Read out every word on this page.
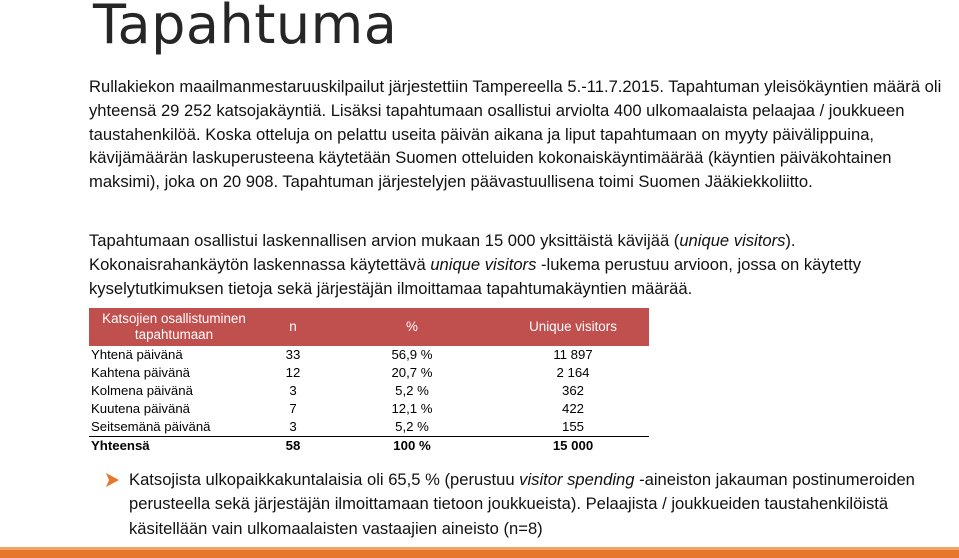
Tapahtuma

Rullakiekon maailmanmestaruuskilpailut järjestettiin Tampereella 5.-11.7.2015. Tapahtuman yleisökäyntien määrä oli yhteensä 29 252 katsojakäyntiä. Lisäksi tapahtumaan osallistui arviolta 400 ulkomaalaista pelaajaa / joukkueen taustahenkilöä. Koska otteluja on pelattu useita päivän aikana ja liput tapahtumaan on myyty päivälippuina, kävijämäärän laskuperusteena käytetään Suomen otteluiden kokonaiskäyntimäärää (käyntien päiväkohtainen maksimi), joka on 20 908. Tapahtuman järjestelyjen päävastuullisena toimi Suomen Jääkiekkoliitto.

Tapahtumaan osallistui laskennallisen arvion mukaan 15 000 yksittäistä kävijää (unique visitors). Kokonaisrahankäytön laskennassa käytettävä unique visitors -lukema perustuu arvioon, jossa on käytetty kyselytutkimuksen tietoja sekä järjestäjän ilmoittamaa tapahtumakäyntien määrää.

Katsojien osallistuminen tapahtumaan	n	%	Unique visitors
Yhtenä päivänä	33	56,9 %	11 897
Kahtena päivänä	12	20,7 %	2 164
Kolmena päivänä	3	5,2 %	362
Kuutena päivänä	7	12,1 %	422
Seitsemänä päivänä	3	5,2 %	155
Yhteensä	58	100 %	15 000
Katsojista ulkopaikkakuntalaisia oli 65,5 % (perustuu visitor spending -aineiston jakauman postinumeroiden perusteella sekä järjestäjän ilmoittamaan tietoon joukkueista). Pelaajista / joukkueiden taustahenkilöistä käsitellään vain ulkomaalaisten vastaajien aineisto (n=8)
